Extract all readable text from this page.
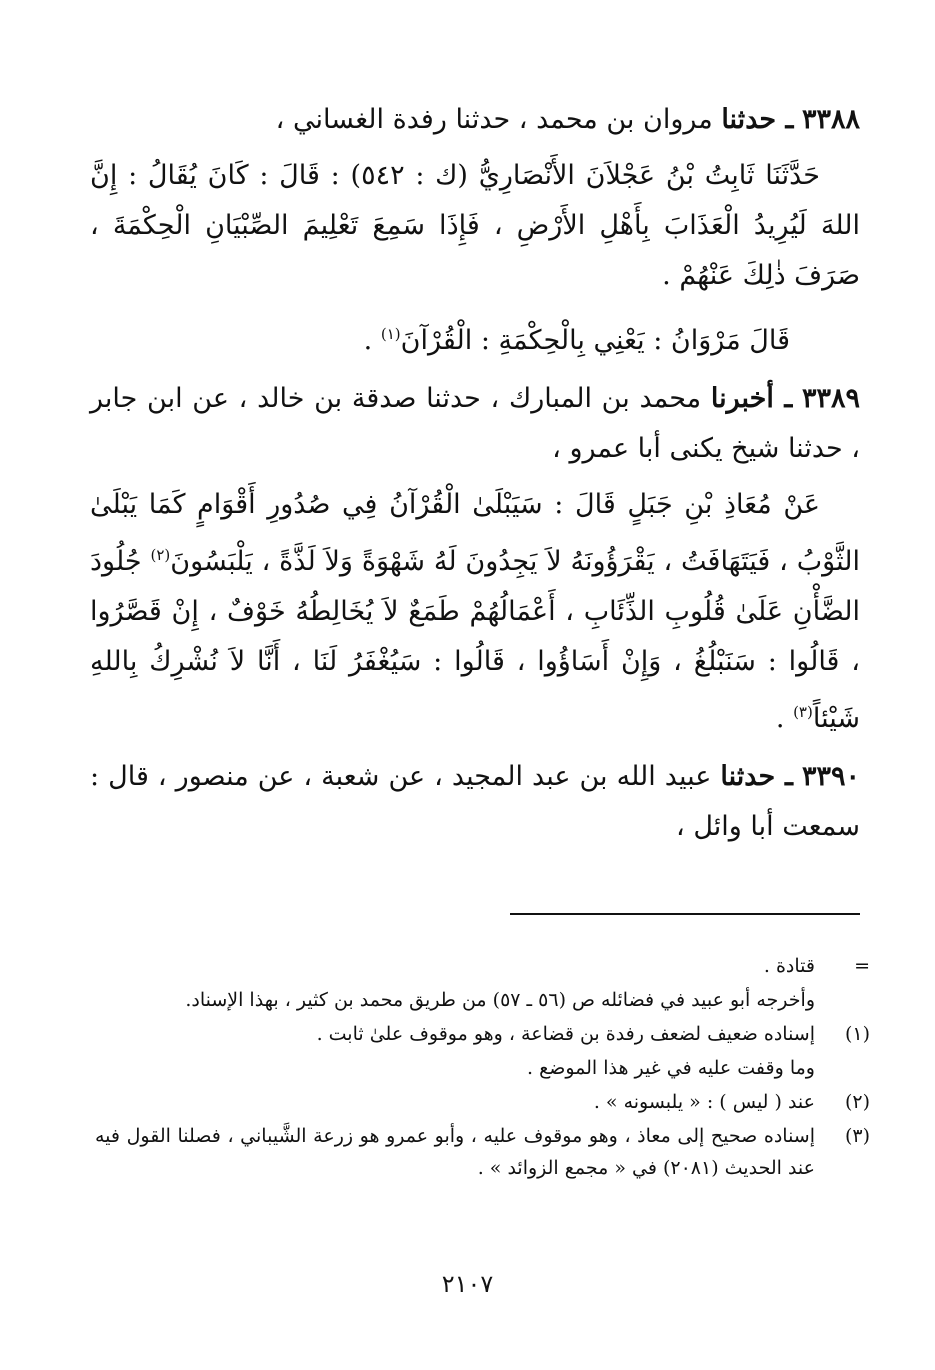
٣٣٨٨ ـ حدثنا مروان بن محمد ، حدثنا رفدة الغساني ،

حَدَّثَنَا ثَابِتُ بْنُ عَجْلاَنَ الأَنْصَارِيُّ (ك : ٥٤٢) : قَالَ : كَانَ يُقَالُ : إِنَّ اللهَ لَيُرِيدُ الْعَذَابَ بِأَهْلِ الأَرْضِ ، فَإِذَا سَمِعَ تَعْلِيمَ الصِّبْيَانِ الْحِكْمَةَ ، صَرَفَ ذٰلِكَ عَنْهُمْ .

قَالَ مَرْوَانُ : يَعْنِي بِالْحِكْمَةِ : الْقُرْآنَ$^{(١)}$ .

٣٣٨٩ ـ أخبرنا محمد بن المبارك ، حدثنا صدقة بن خالد ، عن ابن جابر ، حدثنا شيخ يكنى أبا عمرو ،

عَنْ مُعَاذِ بْنِ جَبَلٍ قَالَ : سَيَبْلَىٰ الْقُرْآنُ فِي صُدُورِ أَقْوَامٍ كَمَا يَبْلَىٰ الثَّوْبُ ، فَيَتَهَافَتُ ، يَقْرَؤُونَهُ لاَ يَجِدُونَ لَهُ شَهْوَةً وَلاَ لَذَّةً ، يَلْبَسُونَ$^{(٢)}$ جُلُودَ الضَّأْنِ عَلَىٰ قُلُوبِ الذِّئَابِ ، أَعْمَالُهُمْ طَمَعٌ لاَ يُخَالِطُهُ خَوْفٌ ، إِنْ قَصَّرُوا ، قَالُوا : سَنَبْلُغُ ، وَإِنْ أَسَاؤُوا ، قَالُوا : سَيُغْفَرُ لَنَا ، أَنَّا لاَ نُشْرِكُ بِاللهِ شَيْئاً$^{(٣)}$ .

٣٣٩٠ ـ حدثنا عبيد الله بن عبد المجيد ، عن شعبة ، عن منصور ، قال : سمعت أبا وائل ،

=
قتادة .
وأخرجه أبو عبيد في فضائله ص (٥٦ ـ ٥٧) من طريق محمد بن كثير ، بهذا الإسناد.
(١)
إسناده ضعيف لضعف رفدة بن قضاعة ، وهو موقوف علىٰ ثابت .
وما وقفت عليه في غير هذا الموضع .
(٢)
عند ( ليس ) : « يلبسونه » .
(٣)
إسناده صحيح إلى معاذ ، وهو موقوف عليه ، وأبو عمرو هو زرعة الشَّيباني ، فصلنا القول فيه عند الحديث (٢٠٨١) في « مجمع الزوائد » .
٢١٠٧
